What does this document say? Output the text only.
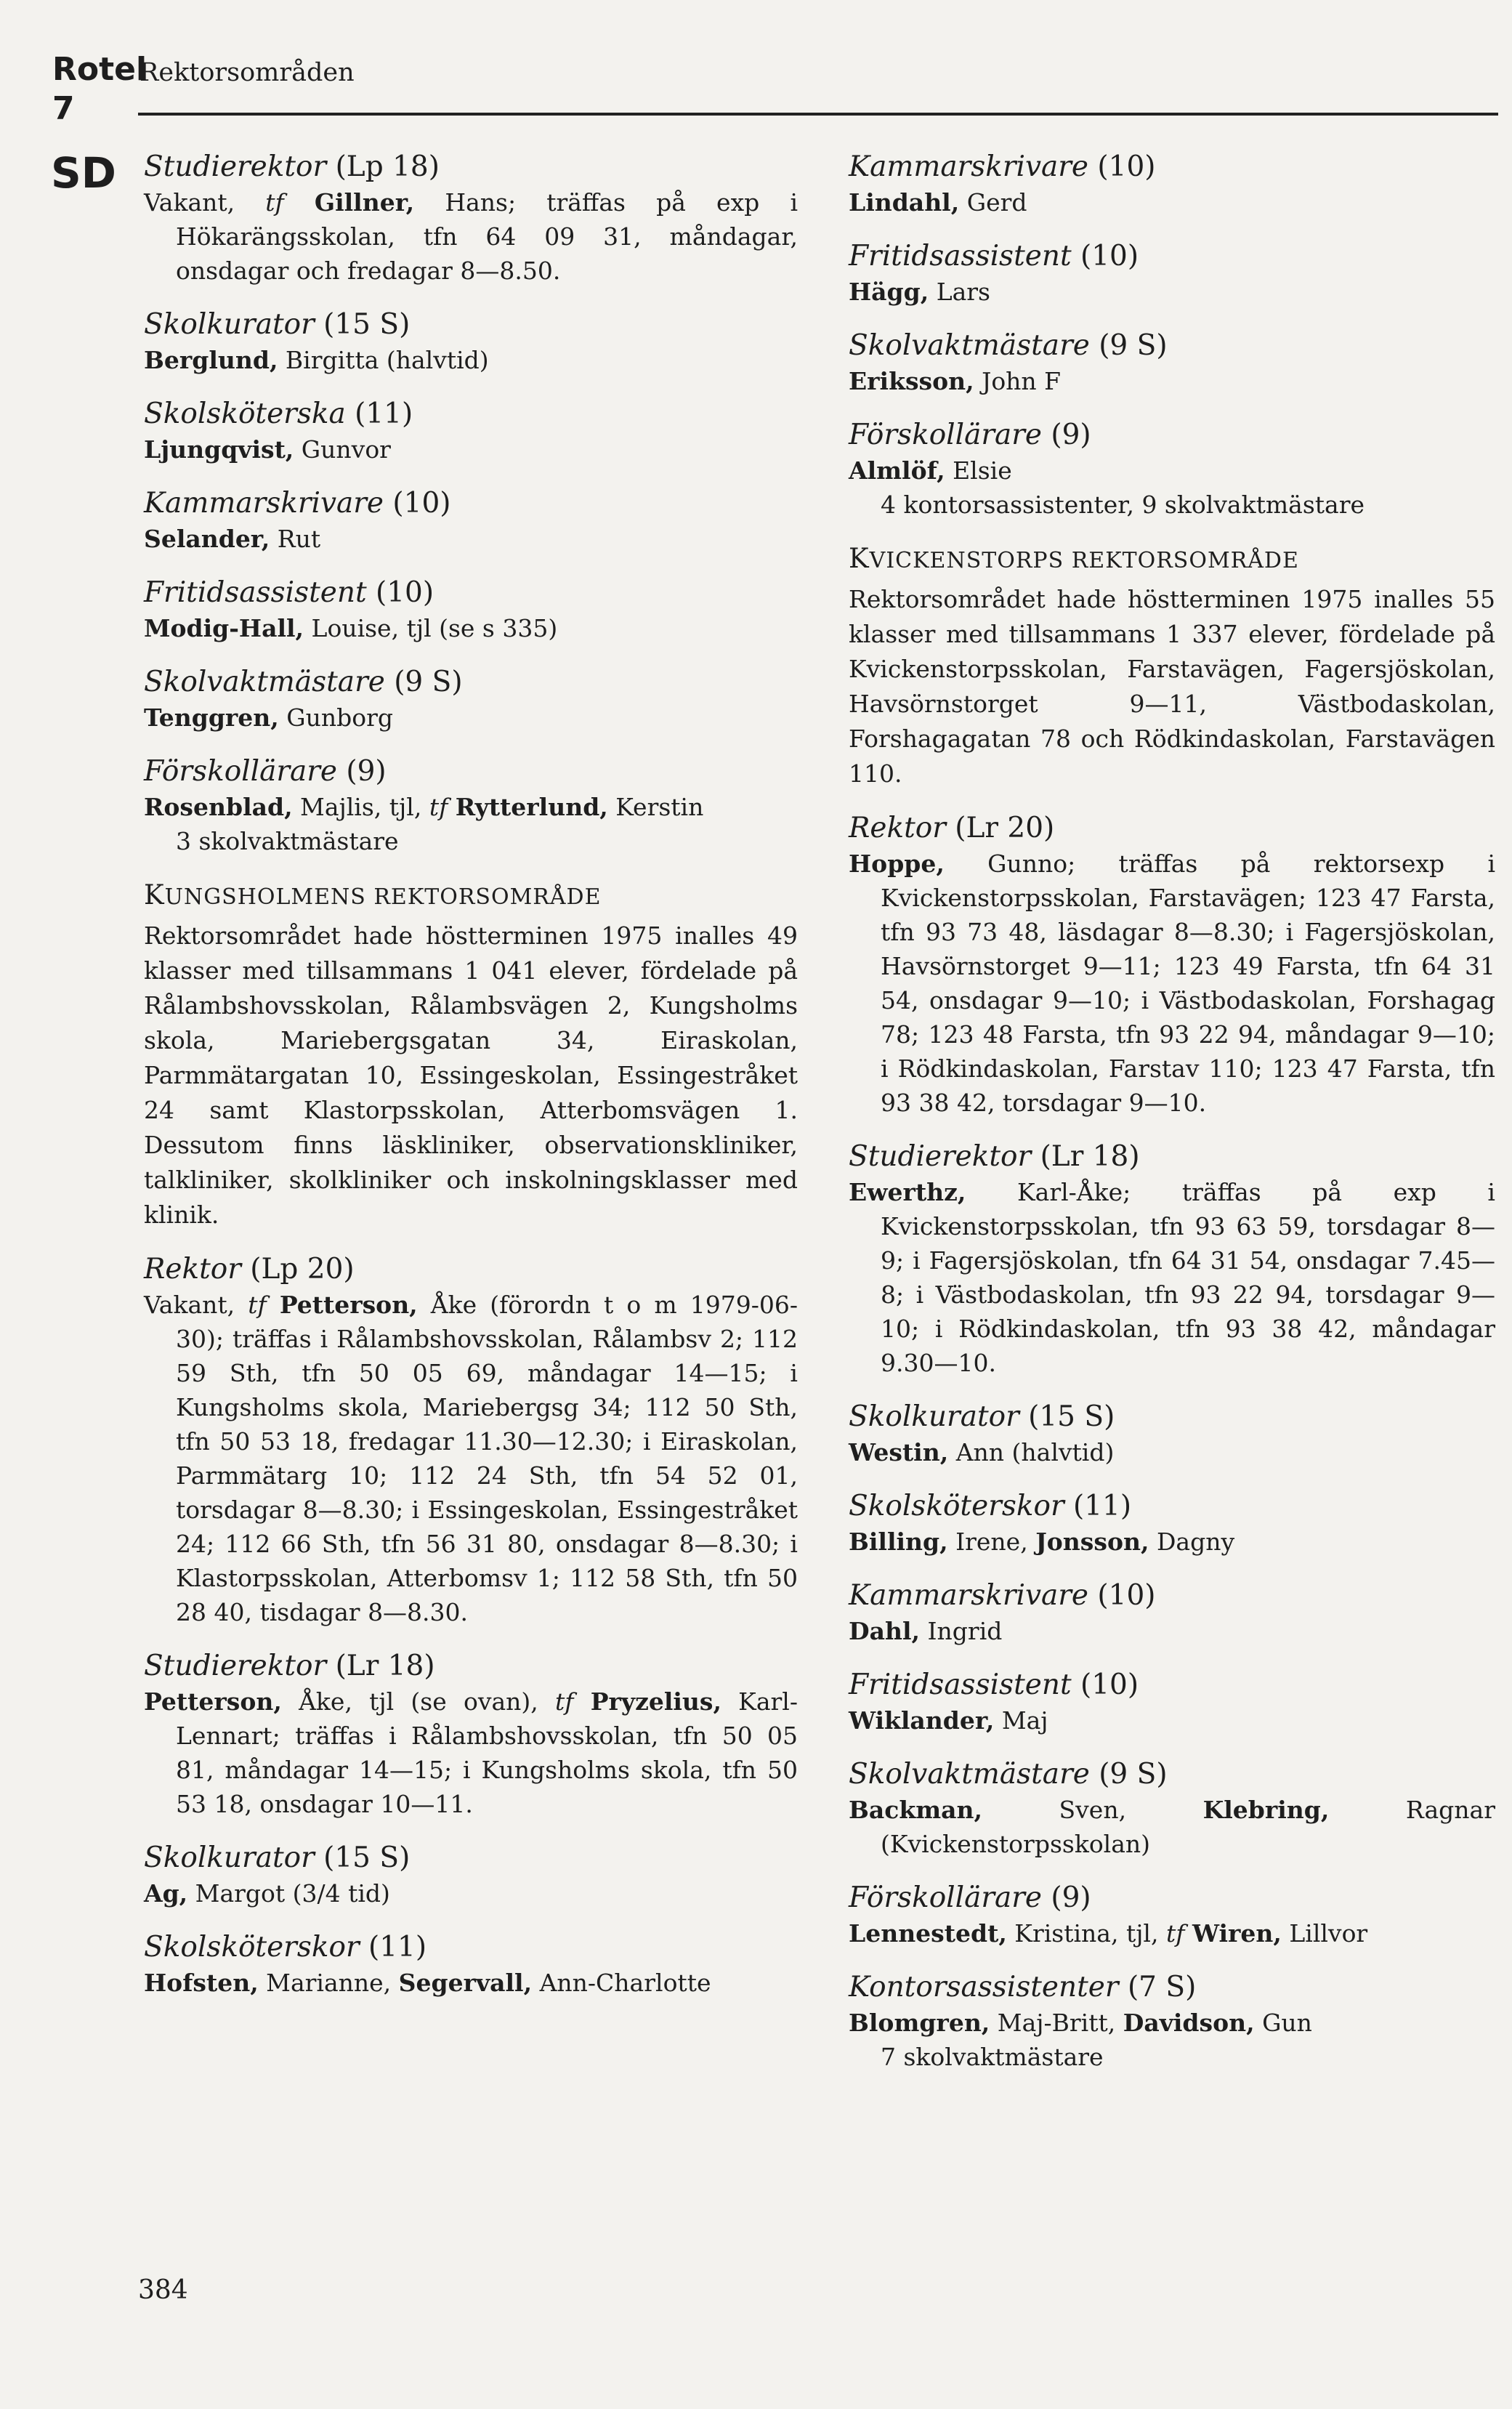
Rotel
Rektorsområden
7
SD Studierektor (Lp 18)
Vakant, tf Gillner, Hans; träffas på exp i Hökarängsskolan, tfn 64 09 31, måndagar, onsdagar och fredagar 8—8.50.
Skolkurator (15 S)
Berglund, Birgitta (halvtid)
Skolsköterska (11)
Ljungqvist, Gunvor
Kammarskrivare (10)
Selander, Rut
Fritidsassistent (10)
Modig-Hall, Louise, tjl (se s 335)
Skolvaktmästare (9 S)
Tenggren, Gunborg
Förskollärare (9)
Rosenblad, Majlis, tjl, tf Rytterlund, Kerstin
3 skolvaktmästare
KUNGSHOLMENS REKTORSOMRÅDE
Rektorsområdet hade höstterminen 1975 inalles 49 klasser med tillsammans 1 041 elever, fördelade på Rålambshovsskolan, Rålambsvägen 2, Kungsholms skola, Mariebergsgatan 34, Eiraskolan, Parmmätargatan 10, Essingeskolan, Essingestråket 24 samt Klastorpsskolan, Atterbomsvägen 1. Dessutom finns läskliniker, observationskliniker, talkliniker, skolkliniker och inskolningsklasser med klinik.
Rektor (Lp 20)
Vakant, tf Petterson, Åke (förordn t o m 1979-06-30); träffas i Rålambshovsskolan, Rålambsv 2; 112 59 Sth, tfn 50 05 69, måndagar 14—15; i Kungsholms skola, Mariebergsg 34; 112 50 Sth, tfn 50 53 18, fredagar 11.30—12.30; i Eiraskolan, Parmmätarg 10; 112 24 Sth, tfn 54 52 01, torsdagar 8—8.30; i Essingeskolan, Essingestråket 24; 112 66 Sth, tfn 56 31 80, onsdagar 8—8.30; i Klastorpsskolan, Atterbomsv 1; 112 58 Sth, tfn 50 28 40, tisdagar 8—8.30.
Studierektor (Lr 18)
Petterson, Åke, tjl (se ovan), tf Pryzelius, Karl-Lennart; träffas i Rålambshovsskolan, tfn 50 05 81, måndagar 14—15; i Kungsholms skola, tfn 50 53 18, onsdagar 10—11.
Skolkurator (15 S)
Ag, Margot (3/4 tid)
Skolsköterskor (11)
Hofsten, Marianne, Segervall, Ann-Charlotte
Kammarskrivare (10)
Lindahl, Gerd
Fritidsassistent (10)
Hägg, Lars
Skolvaktmästare (9 S)
Eriksson, John F
Förskollärare (9)
Almlöf, Elsie
4 kontorsassistenter, 9 skolvaktmästare
KVICKENSTORPS REKTORSOMRÅDE
Rektorsområdet hade höstterminen 1975 inalles 55 klasser med tillsammans 1 337 elever, fördelade på Kvickenstorpsskolan, Farstavägen, Fagersjöskolan, Havsörnstorget 9—11, Västbodaskolan, Forshagagatan 78 och Rödkindaskolan, Farstavägen 110.
Rektor (Lr 20)
Hoppe, Gunno; träffas på rektorsexp i Kvickenstorpsskolan, Farstavägen; 123 47 Farsta, tfn 93 73 48, läsdagar 8—8.30; i Fagersjöskolan, Havsörnstorget 9—11; 123 49 Farsta, tfn 64 31 54, onsdagar 9—10; i Västbodaskolan, Forshagag 78; 123 48 Farsta, tfn 93 22 94, måndagar 9—10; i Rödkindaskolan, Farstav 110; 123 47 Farsta, tfn 93 38 42, torsdagar 9—10.
Studierektor (Lr 18)
Ewerthz, Karl-Åke; träffas på exp i Kvickenstorpsskolan, tfn 93 63 59, torsdagar 8—9; i Fagersjöskolan, tfn 64 31 54, onsdagar 7.45—8; i Västbodaskolan, tfn 93 22 94, torsdagar 9—10; i Rödkindaskolan, tfn 93 38 42, måndagar 9.30—10.
Skolkurator (15 S)
Westin, Ann (halvtid)
Skolsköterskor (11)
Billing, Irene, Jonsson, Dagny
Kammarskrivare (10)
Dahl, Ingrid
Fritidsassistent (10)
Wiklander, Maj
Skolvaktmästare (9 S)
Backman, Sven, Klebring, Ragnar (Kvickenstorpsskolan)
Förskollärare (9)
Lennestedt, Kristina, tjl, tf Wiren, Lillvor
Kontorsassistenter (7 S)
Blomgren, Maj-Britt, Davidson, Gun
7 skolvaktmästare
384
